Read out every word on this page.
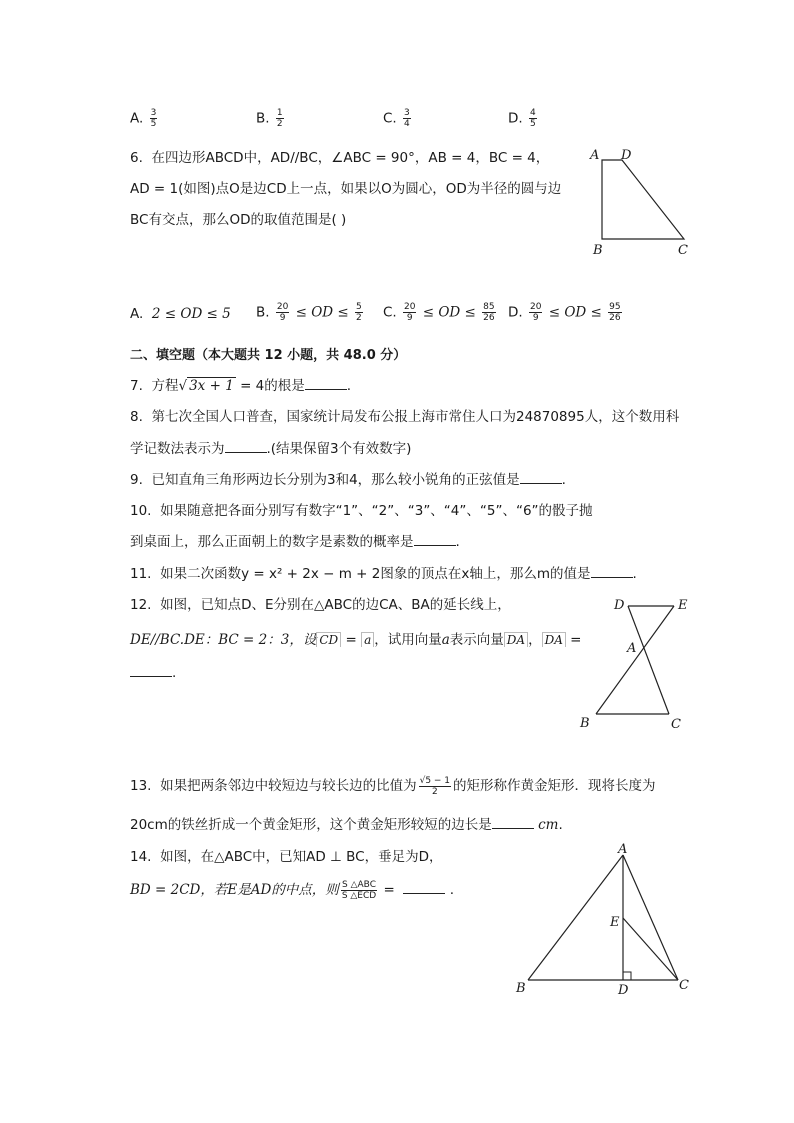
A. $\frac{3}{5}$	B. $\frac{1}{2}$	C. $\frac{3}{4}$	D. $\frac{4}{5}$
6. 在四边形ABCD中，AD//BC，∠ABC = 90°，AB = 4，BC = 4，
AD = 1(如图)点O是边CD上一点，如果以O为圆心，OD为半径的圆与边
BC有交点，那么OD的取值范围是( )
A D
B	C
A. 2 ≤ OD ≤ 5 B. $\frac{20}{9}$ ≤ OD ≤ $\frac{5}{2} C$. $\frac{20}{9}$ ≤ OD ≤ $\frac{85}{26} D$. $\frac{20}{9}$ ≤ OD ≤ $\frac{95}{26}$
二、填空题（本大题共 12 小题，共 48.0 分）
7. 方程√ 3x + 1 = 4的根是	.
8. 第七次全国人口普查，国家统计局发布公报上海市常住人口为24870895人，这个数用科
学记数法表示为	.(结果保留3个有效数字)
9. 已知直角三角形两边长分别为3和4，那么较小锐角的正弦值是	.
10. 如果随意把各面分别写有数字“1”、“2”、“3”、“4”、“5”、“6”的骰子抛
到桌面上，那么正面朝上的数字是素数的概率是	.
11. 如果二次函数y = x² + 2x − m + 2图象的顶点在x轴上，那么m的值是	.
12. 如图，已知点D、E分别在△ABC的边CA、BA的延长线上，
DE//BC.DE：BC = 2：3，设 CD = a ，试用向量a表示向量 DA ， DA =
.
D	E
A
B	C
13. 如果把两条邻边中较短边与较长边的比值为 $\frac{√5 - 1}{2}$ 的矩形称作黄金矩形．现将长度为
20cm的铁丝折成一个黄金矩形，这个黄金矩形较短的边长是	cm.
14. 如图，在△ABC中，已知AD ⊥ BC，垂足为D，
BD = 2CD，若E是AD的中点，则 $\frac{\text{S △ABC}}{\text{S △ECD}}$ =	.
A
E
B	D	C
